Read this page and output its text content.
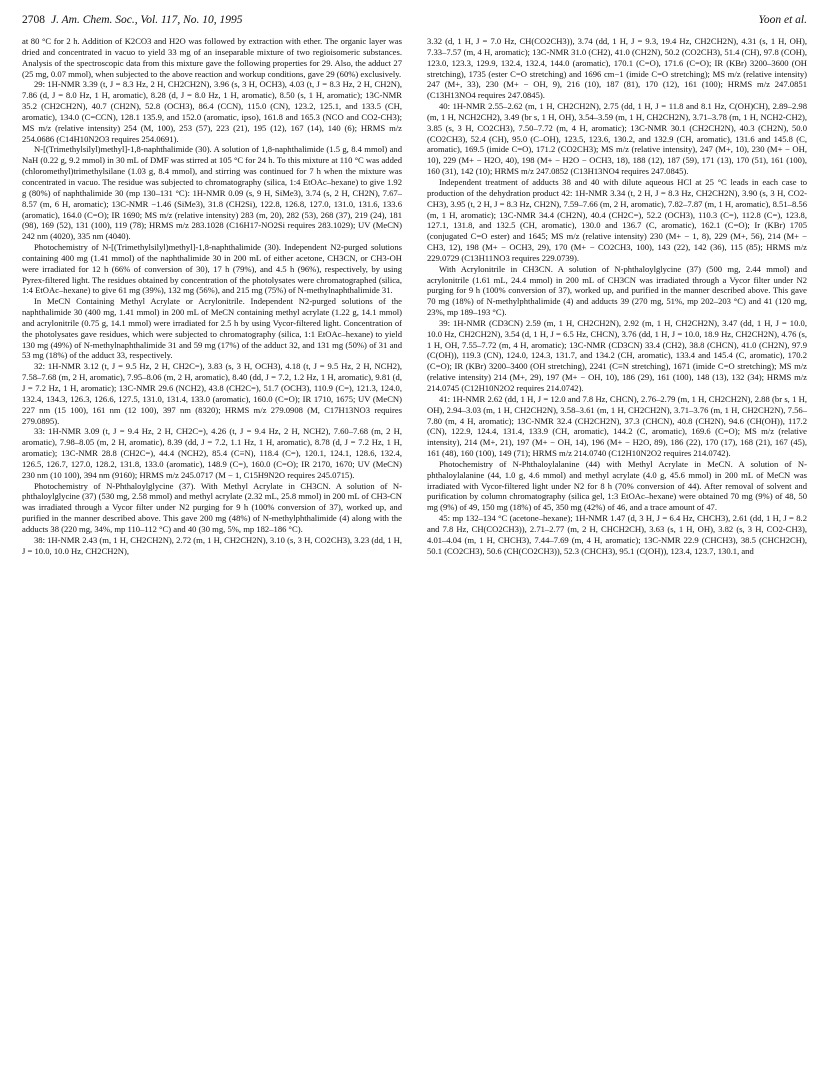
2708 J. Am. Chem. Soc., Vol. 117, No. 10, 1995	Yoon et al.

at 80 °C for 2 h. Addition of K2CO3 and H2O was followed by extraction with ether. The organic layer was dried and concentrated in vacuo to yield 33 mg of an inseparable mixture of two regioisomeric substances. Analysis of the spectroscopic data from this mixture gave the following properties for 29. Also, the adduct 27 (25 mg, 0.07 mmol), when subjected to the above reaction and workup conditions, gave 29 (60%) exclusively.

29: 1H-NMR 3.39 (t, J = 8.3 Hz, 2 H, CH2CH2N), 3.96 (s, 3 H, OCH3), 4.03 (t, J = 8.3 Hz, 2 H, CH2N), 7.86 (d, J = 8.0 Hz, 1 H, aromatic), 8.28 (d, J = 8.0 Hz, 1 H, aromatic), 8.50 (s, 1 H, aromatic); 13C-NMR 35.2 (CH2CH2N), 40.7 (CH2N), 52.8 (OCH3), 86.4 (CCN), 115.0 (CN), 123.2, 125.1, and 133.5 (CH, aromatic), 134.0 (C=CCN), 128.1 135.9, and 152.0 (aromatic, ipso), 161.8 and 165.3 (NCO and CO2-CH3); MS m/z (relative intensity) 254 (M, 100), 253 (57), 223 (21), 195 (12), 167 (14), 140 (6); HRMS m/z 254.0686 (C14H10N2O3 requires 254.0691).

N-[(Trimethylsilyl)methyl]-1,8-naphthalimide (30). A solution of 1,8-naphthalimide (1.5 g, 8.4 mmol) and NaH (0.22 g, 9.2 mmol) in 30 mL of DMF was stirred at 105 °C for 24 h. To this mixture at 110 °C was added (chloromethyl)trimethylsilane (1.03 g, 8.4 mmol), and stirring was continued for 7 h when the mixture was concentrated in vacuo. The residue was subjected to chromatography (silica, 1:4 EtOAc–hexane) to give 1.92 g (80%) of naphthalimide 30 (mp 130–131 °C): 1H-NMR 0.09 (s, 9 H, SiMe3), 3.74 (s, 2 H, CH2N), 7.67–8.57 (m, 6 H, aromatic); 13C-NMR −1.46 (SiMe3), 31.8 (CH2Si), 122.8, 126.8, 127.0, 131.0, 131.6, 133.6 (aromatic), 164.0 (C=O); IR 1690; MS m/z (relative intensity) 283 (m, 20), 282 (53), 268 (37), 219 (24), 181 (98), 169 (52), 131 (100), 119 (78); HRMS m/z 283.1028 (C16H17-NO2Si requires 283.1029); UV (MeCN) 242 nm (4020), 335 nm (4040).

Photochemistry of N-[(Trimethylsilyl)methyl]-1,8-naphthalimide (30). Independent N2-purged solutions containing 400 mg (1.41 mmol) of the naphthalimide 30 in 200 mL of either acetone, CH3CN, or CH3-OH were irradiated for 12 h (66% of conversion of 30), 17 h (79%), and 4.5 h (96%), respectively, by using Pyrex-filtered light. The residues obtained by concentration of the photolysates were chromatographed (silica, 1:4 EtOAc–hexane) to give 61 mg (39%), 132 mg (56%), and 215 mg (75%) of N-methylnaphthalimide 31.

In MeCN Containing Methyl Acrylate or Acrylonitrile. Independent N2-purged solutions of the naphthalimide 30 (400 mg, 1.41 mmol) in 200 mL of MeCN containing methyl acrylate (1.22 g, 14.1 mmol) and acrylonitrile (0.75 g, 14.1 mmol) were irradiated for 2.5 h by using Vycor-filtered light. Concentration of the photolysates gave residues, which were subjected to chromatography (silica, 1:1 EtOAc–hexane) to yield 130 mg (49%) of N-methylnaphthalimide 31 and 59 mg (17%) of the adduct 32, and 131 mg (50%) of 31 and 53 mg (18%) of the adduct 33, respectively.

32: 1H-NMR 3.12 (t, J = 9.5 Hz, 2 H, CH2C=), 3.83 (s, 3 H, OCH3), 4.18 (t, J = 9.5 Hz, 2 H, NCH2), 7.58–7.68 (m, 2 H, aromatic), 7.95–8.06 (m, 2 H, aromatic), 8.40 (dd, J = 7.2, 1.2 Hz, 1 H, aromatic), 9.81 (d, J = 7.2 Hz, 1 H, aromatic); 13C-NMR 29.6 (NCH2), 43.8 (CH2C=), 51.7 (OCH3), 110.9 (C=), 121.3, 124.0, 132.4, 134.3, 126.3, 126.6, 127.5, 131.0, 131.4, 133.0 (aromatic), 160.0 (C=O); IR 1710, 1675; UV (MeCN) 227 nm (15 100), 161 nm (12 100), 397 nm (8320); HRMS m/z 279.0908 (M, C17H13NO3 requires 279.0895).

33: 1H-NMR 3.09 (t, J = 9.4 Hz, 2 H, CH2C=), 4.26 (t, J = 9.4 Hz, 2 H, NCH2), 7.60–7.68 (m, 2 H, aromatic), 7.98–8.05 (m, 2 H, aromatic), 8.39 (dd, J = 7.2, 1.1 Hz, 1 H, aromatic), 8.78 (d, J = 7.2 Hz, 1 H, aromatic); 13C-NMR 28.8 (CH2C=), 44.4 (NCH2), 85.4 (C≡N), 118.4 (C=), 120.1, 124.1, 128.6, 132.4, 126.5, 126.7, 127.0, 128.2, 131.8, 133.0 (aromatic), 148.9 (C=), 160.0 (C=O); IR 2170, 1670; UV (MeCN) 230 nm (10 100), 394 nm (9160); HRMS m/z 245.0717 (M − 1, C15H9N2O requires 245.0715).

Photochemistry of N-Phthaloylglycine (37). With Methyl Acrylate in CH3CN. A solution of N-phthaloylglycine (37) (530 mg, 2.58 mmol) and methyl acrylate (2.32 mL, 25.8 mmol) in 200 mL of CH3-CN was irradiated through a Vycor filter under N2 purging for 9 h (100% conversion of 37), worked up, and purified in the manner described above. This gave 200 mg (48%) of N-methylphthalimide (4) along with the adducts 38 (220 mg, 34%, mp 110–112 °C) and 40 (30 mg, 5%, mp 182–186 °C).

38: 1H-NMR 2.43 (m, 1 H, CH2CH2N), 2.72 (m, 1 H, CH2CH2N), 3.10 (s, 3 H, CO2CH3), 3.23 (dd, 1 H, J = 10.0, 10.0 Hz, CH2CH2N),

3.32 (d, 1 H, J = 7.0 Hz, CH(CO2CH3)), 3.74 (dd, 1 H, J = 9.3, 19.4 Hz, CH2CH2N), 4.31 (s, 1 H, OH), 7.33–7.57 (m, 4 H, aromatic); 13C-NMR 31.0 (CH2), 41.0 (CH2N), 50.2 (CO2CH3), 51.4 (CH), 97.8 (COH), 123.0, 123.3, 129.9, 132.4, 132.4, 144.0 (aromatic), 170.1 (C=O), 171.6 (C=O); IR (KBr) 3200–3600 (OH stretching), 1735 (ester C=O stretching) and 1696 cm−1 (imide C=O stretching); MS m/z (relative intensity) 247 (M+, 33), 230 (M+ − OH, 9), 216 (10), 187 (81), 170 (12), 161 (100); HRMS m/z 247.0851 (C13H13NO4 requires 247.0845).

40: 1H-NMR 2.55–2.62 (m, 1 H, CH2CH2N), 2.75 (dd, 1 H, J = 11.8 and 8.1 Hz, C(OH)CH), 2.89–2.98 (m, 1 H, NCH2CH2), 3.49 (br s, 1 H, OH), 3.54–3.59 (m, 1 H, CH2CH2N), 3.71–3.78 (m, 1 H, NCH2-CH2), 3.85 (s, 3 H, CO2CH3), 7.50–7.72 (m, 4 H, aromatic); 13C-NMR 30.1 (CH2CH2N), 40.3 (CH2N), 50.0 (CO2CH3), 52.4 (CH), 95.0 (C–OH), 123.5, 123.6, 130.2, and 132.9 (CH, aromatic), 131.6 and 145.8 (C, aromatic), 169.5 (imide C=O), 171.2 (CO2CH3); MS m/z (relative intensity), 247 (M+, 10), 230 (M+ − OH, 10), 229 (M+ − H2O, 40), 198 (M+ − H2O − OCH3, 18), 188 (12), 187 (59), 171 (13), 170 (51), 161 (100), 160 (31), 142 (10); HRMS m/z 247.0852 (C13H13NO4 requires 247.0845).

Independent treatment of adducts 38 and 40 with dilute aqueous HCl at 25 °C leads in each case to production of the dehydration product 42: 1H-NMR 3.34 (t, 2 H, J = 8.3 Hz, CH2CH2N), 3.90 (s, 3 H, CO2-CH3), 3.95 (t, 2 H, J = 8.3 Hz, CH2N), 7.59–7.66 (m, 2 H, aromatic), 7.82–7.87 (m, 1 H, aromatic), 8.51–8.56 (m, 1 H, aromatic); 13C-NMR 34.4 (CH2N), 40.4 (CH2C=), 52.2 (OCH3), 110.3 (C=), 112.8 (C=), 123.8, 127.1, 131.8, and 132.5 (CH, aromatic), 130.0 and 136.7 (C, aromatic), 162.1 (C=O); Ir (KBr) 1705 (conjugated C=O ester) and 1645; MS m/z (relative intensity) 230 (M+ − 1, 8), 229 (M+, 56), 214 (M+ − CH3, 12), 198 (M+ − OCH3, 29), 170 (M+ − CO2CH3, 100), 143 (22), 142 (36), 115 (85); HRMS m/z 229.0729 (C13H11NO3 requires 229.0739).

With Acrylonitrile in CH3CN. A solution of N-phthaloylglycine (37) (500 mg, 2.44 mmol) and acrylonitrile (1.61 mL, 24.4 mmol) in 200 mL of CH3CN was irradiated through a Vycor filter under N2 purging for 9 h (100% conversion of 37), worked up, and purified in the manner described above. This gave 70 mg (18%) of N-methylphthalimide (4) and adducts 39 (270 mg, 51%, mp 202–203 °C) and 41 (120 mg, 23%, mp 189–193 °C).

39: 1H-NMR (CD3CN) 2.59 (m, 1 H, CH2CH2N), 2.92 (m, 1 H, CH2CH2N), 3.47 (dd, 1 H, J = 10.0, 10.0 Hz, CH2CH2N), 3.54 (d, 1 H, J = 6.5 Hz, CHCN), 3.76 (dd, 1 H, J = 10.0, 18.9 Hz, CH2CH2N), 4.76 (s, 1 H, OH, 7.55–7.72 (m, 4 H, aromatic); 13C-NMR (CD3CN) 33.4 (CH2), 38.8 (CHCN), 41.0 (CH2N), 97.9 (C(OH)), 119.3 (CN), 124.0, 124.3, 131.7, and 134.2 (CH, aromatic), 133.4 and 145.4 (C, aromatic), 170.2 (C=O); IR (KBr) 3200–3400 (OH stretching), 2241 (C≡N stretching), 1671 (imide C=O stretching); MS m/z (relative intensity) 214 (M+, 29), 197 (M+ − OH, 10), 186 (29), 161 (100), 148 (13), 132 (34); HRMS m/z 214.0745 (C12H10N2O2 requires 214.0742).

41: 1H-NMR 2.62 (dd, 1 H, J = 12.0 and 7.8 Hz, CHCN), 2.76–2.79 (m, 1 H, CH2CH2N), 2.88 (br s, 1 H, OH), 2.94–3.03 (m, 1 H, CH2CH2N), 3.58–3.61 (m, 1 H, CH2CH2N), 3.71–3.76 (m, 1 H, CH2CH2N), 7.56–7.80 (m, 4 H, aromatic); 13C-NMR 32.4 (CH2CH2N), 37.3 (CHCN), 40.8 (CH2N), 94.6 (CH(OH)), 117.2 (CN), 122.9, 124.4, 131.4, 133.9 (CH, aromatic), 144.2 (C, aromatic), 169.6 (C=O); MS m/z (relative intensity), 214 (M+, 21), 197 (M+ − OH, 14), 196 (M+ − H2O, 89), 186 (22), 170 (17), 168 (21), 167 (45), 161 (48), 160 (100), 149 (71); HRMS m/z 214.0740 (C12H10N2O2 requires 214.0742).

Photochemistry of N-Phthaloylalanine (44) with Methyl Acrylate in MeCN. A solution of N-phthaloylalanine (44, 1.0 g, 4.6 mmol) and methyl acrylate (4.0 g, 45.6 mmol) in 200 mL of MeCN was irradiated with Vycor-filtered light under N2 for 8 h (70% conversion of 44). After removal of solvent and purification by column chromatography (silica gel, 1:3 EtOAc–hexane) were obtained 70 mg (9%) of 48, 50 mg (9%) of 49, 150 mg (18%) of 45, 350 mg (42%) of 46, and a trace amount of 47.

45: mp 132–134 °C (acetone–hexane); 1H-NMR 1.47 (d, 3 H, J = 6.4 Hz, CHCH3), 2.61 (dd, 1 H, J = 8.2 and 7.8 Hz, CH(CO2CH3)), 2.71–2.77 (m, 2 H, CHCH2CH), 3.63 (s, 1 H, OH), 3.82 (s, 3 H, CO2-CH3), 4.01–4.04 (m, 1 H, CHCH3), 7.44–7.69 (m, 4 H, aromatic); 13C-NMR 22.9 (CHCH3), 38.5 (CHCH2CH), 50.1 (CO2CH3), 50.6 (CH(CO2CH3)), 52.3 (CHCH3), 95.1 (C(OH)), 123.4, 123.7, 130.1, and
